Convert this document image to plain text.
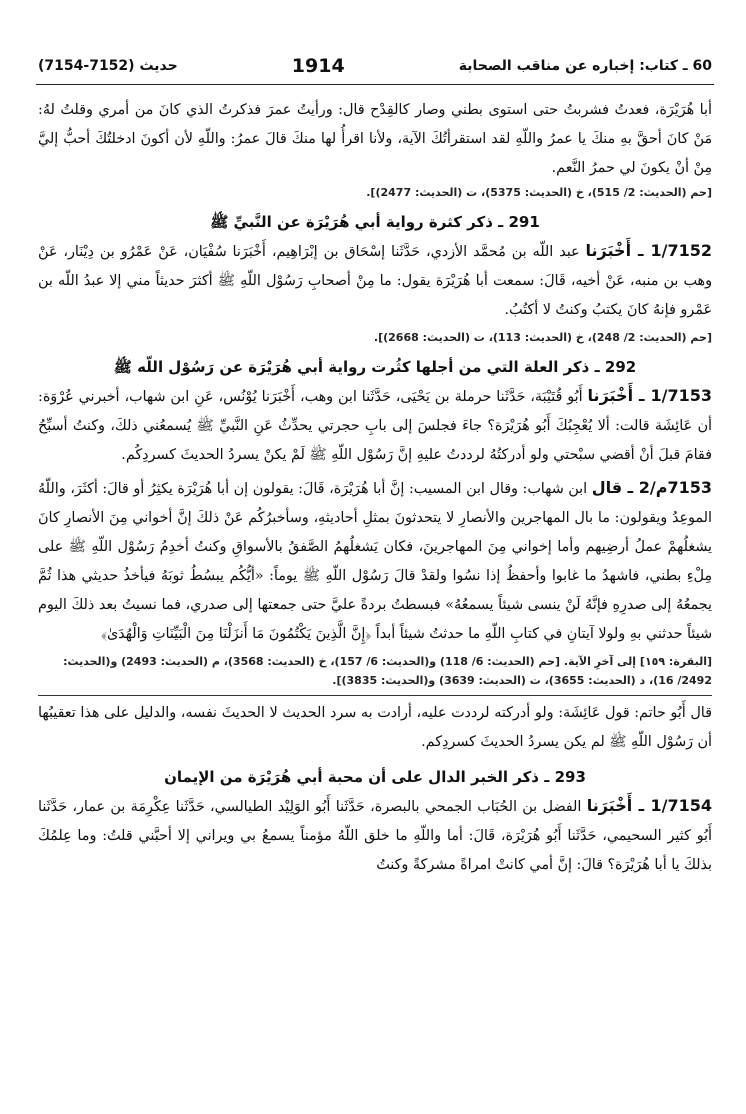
60 ـ كتاب: إخباره عن مناقب الصحابة
1914
حديث (7152-7154)

أبا هُرَيْرَة، فعدتُ فشربتُ حتى استوى بطني وصار كالقِدْح قال: ورأيتُ عمرَ فذكرتُ الذي كانَ من أمري وقلتُ لهُ: مَنْ كانَ أحقَّ بهِ منكَ يا عمرُ واللّهِ لقد استقرأتُكَ الآية، ولأنا اقرأُ لها منكَ قالَ عمرُ: واللّهِ لأن أكونَ ادخلتُكَ أحبُّ إليَّ مِنْ أنْ يكونَ لي حمرُ النَّعم.

[حم (الحديث: 2/ 515)، خ (الحديث: 5375)، ت (الحديث: 2477)].

291 ـ ذكر كثرة رواية أبي هُرَيْرَة عن النَّبيِّ ﷺ

1/7152 ـ أَخْبَرَنا عبد اللّه بن مُحمَّد الأزدي، حَدَّثَنا إسْحَاق بن إبْرَاهِيم، أَخْبَرَنا سُفْيَان، عَنْ عَمْرُو بن دِيْنَار، عَنْ وهب بن منبه، عَنْ أخيه، قَالَ: سمعت أبا هُرَيْرَة يقول: ما مِنْ أصحابِ رَسُوْل اللّهِ ﷺ أكثرَ حديثاً مني إلا عبدُ اللّه بن عَمْرو فإنهُ كانَ يكتبُ وكنتُ لا أكتُبُ.

[حم (الحديث: 2/ 248)، خ (الحديث: 113)، ت (الحديث: 2668)].

292 ـ ذكر العلة التي من أجلها كثُرت رواية أبي هُرَيْرَة عن رَسُوْل اللّه ﷺ

1/7153 ـ أَخْبَرَنا أَبُو قُتَيْبَة، حَدَّثَنا حرملة بن يَحْيَى، حَدَّثَنا ابن وهب، أَخْبَرَنا يُوْنُس، عَنِ ابن شهاب، أخبرني عُرْوَة: أن عَائِشَة قالت: ألا يُعْجِبُكَ أَبُو هُرَيْرَة؟ جاءَ فجلسَ إلى بابِ حجرتي يحدِّثُ عَنِ النَّبيِّ ﷺ يُسمعُني ذلكَ، وكنتُ أسبِّحُ فقامَ قبلَ أنْ أقضي سبْحتي ولو أدركتُهُ لرددتُ عليهِ إنَّ رَسُوْل اللّهِ ﷺ لَمْ يكنْ يسردُ الحديثَ كسردِكُم.

7153م/2 ـ قال ابن شهاب: وقال ابن المسيب: إنَّ أبا هُرَيْرَة، قَالَ: يقولون إن أبا هُرَيْرَة يكثِرُ أو قالَ: أكثَرَ، واللّهُ الموعِدُ ويقولون: ما بال المهاجرين والأنصارِ لا يتحدثونَ بمثلِ أحاديثهِ، وسأخبرُكُم عَنْ ذلكَ إنَّ أخواني مِنَ الأنصارِ كانَ يشغلُهمْ عملُ أرضِيهم وأما إخواني مِنَ المهاجرينَ، فكان يَشغلُهمُ الصَّفقُ بالأسواقِ وكنتُ أخدِمُ رَسُوْل اللّهِ ﷺ على مِلْءِ بطني، فاشهدُ ما غابوا وأحفظُ إذا نسُوا ولقدْ قالَ رَسُوْل اللّهِ ﷺ يوماً: «أيُّكُم يبسُطُ ثوبَهُ فيأخذُ حديثي هذا ثُمَّ يجمعُهُ إلى صدرِهِ فإنَّهُ لَنْ ينسى شيئاً يسمعُهُ» فبسطتُ بردةً عليَّ حتى جمعتها إلى صدري، فما نسيتُ بعد ذلكَ اليوم شيئاً حدثني بهِ ولولا آيتانِ في كتابِ اللّهِ ما حدثتُ شيئاً أبداً ﴿إِنَّ الَّذِينَ يَكْتُمُونَ مَا أَنزَلْنَا مِنَ الْبَيِّنَاتِ وَالْهُدَىٰ﴾

[البقرة: ١٥٩] إلى آخرِ الآية. [حم (الحديث: 6/ 118) و(الحديث: 6/ 157)، خ (الحديث: 3568)، م (الحديث: 2493) و(الحديث: 2492/ 16)، د (الحديث: 3655)، ت (الحديث: 3639) و(الحديث: 3835)].

قال أَبُو حاتم: قول عَائِشَة: ولو أدركته لرددت عليه، أرادت به سرد الحديث لا الحديثَ نفسه، والدليل على هذا تعقيبُها أن رَسُوْل اللّهِ ﷺ لم يكن يسردُ الحديثَ كسردِكم.

293 ـ ذكر الخبر الدال على أن محبة أبي هُرَيْرَة من الإيمان

1/7154 ـ أَخْبَرَنا الفضل بن الحُبَاب الجمحي بالبصرة، حَدَّثَنا أَبُو الوَلِيْد الطيالسي، حَدَّثَنا عِكْرِمَة بن عمار، حَدَّثَنا أَبُو كثير السحيمي، حَدَّثَنا أَبُو هُرَيْرَة، قَالَ: أما واللّهِ ما خلق اللّهُ مؤمناً يسمعُ بي ويراني إلا أحبَّني قلتُ: وما عِلمُكَ بذلكَ يا أبا هُرَيْرَة؟ قالَ: إنَّ أمي كانتْ امراةً مشركةً وكنتُ
